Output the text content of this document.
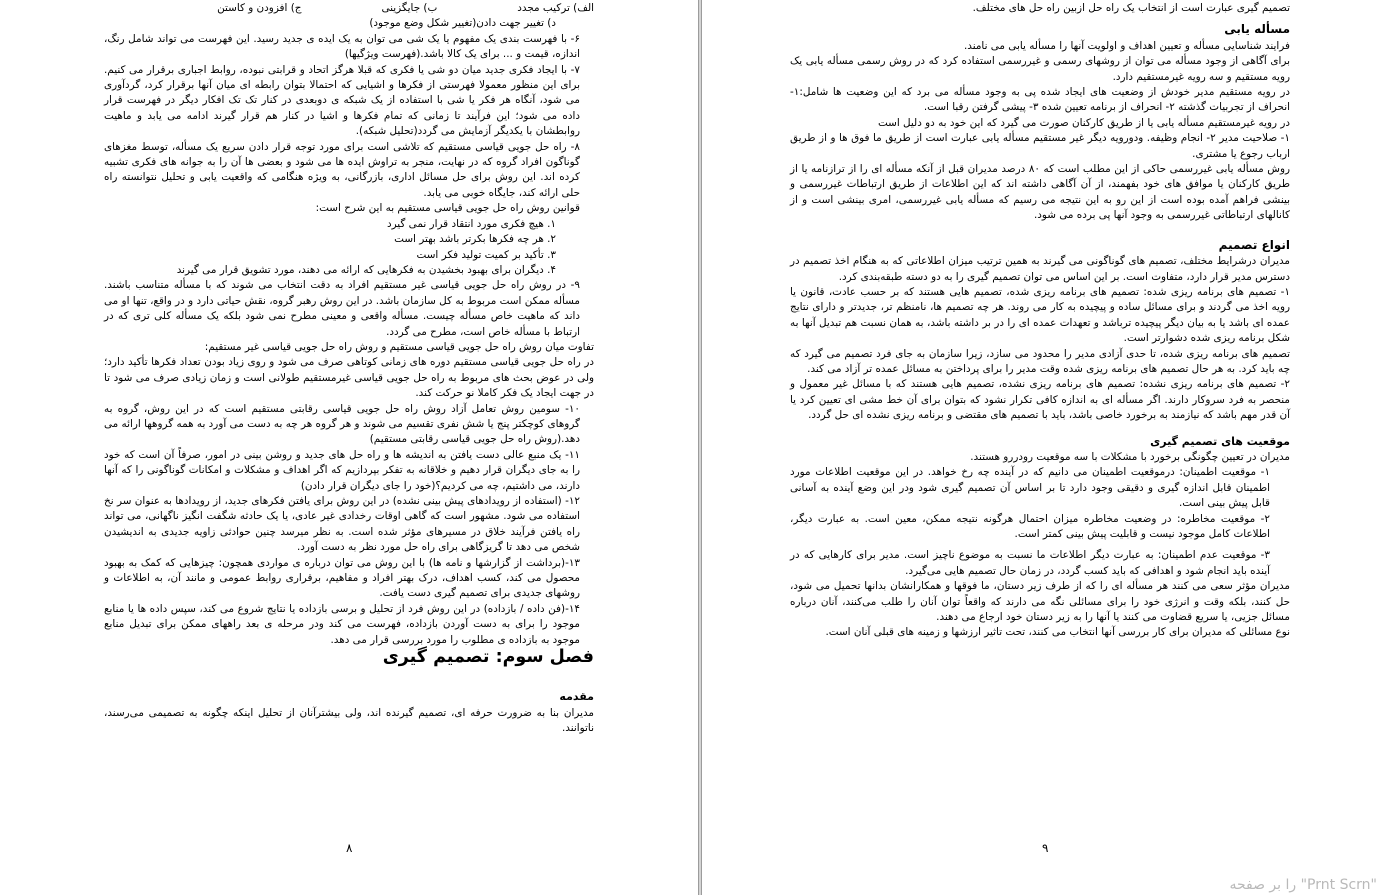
الف) ترکیب مجدد
ب) جایگزینی
ج) افزودن و کاستن

د) تغییر جهت دادن(تغییر شکل وضع موجود)

۶- با فهرست بندی یک مفهوم یا یک شی می توان به یک ایده ی جدید رسید. این فهرست می تواند شامل رنگ، اندازه، قیمت و ... برای یک کالا باشد.(فهرست ویژگیها)

۷- با ایجاد فکری جدید میان دو شی یا فکری که قبلا هرگز اتحاد و قرابتی نبوده، روابط اجباری برقرار می کنیم. برای این منظور معمولا فهرستی از فکرها و اشیایی که احتمالا بتوان رابطه ای میان آنها برقرار کرد، گردآوری می شود، آنگاه هر فکر یا شی با استفاده از یک شبکه ی دوبعدی در کنار تک تک افکار دیگر در فهرست قرار داده می شود؛ این فرآیند تا زمانی که تمام فکرها و اشیا در کنار هم قرار گیرند ادامه می یابد و ماهیت روابطشان با یکدیگر آزمایش می گردد(تحلیل شبکه).

۸- راه حل جویی قیاسی مستقیم که تلاشی است برای مورد توجه قرار دادن سریع یک مسأله، توسط مغزهای گوناگون افراد گروه که در نهایت، منجر به تراوش ایده ها می شود و بعضی ها آن را به جوانه های فکری تشبیه کرده اند. این روش برای حل مسائل اداری، بازرگانی، به ویژه هنگامی که واقعیت یابی و تحلیل نتوانسته راه حلی ارائه کند، جایگاه خوبی می یابد.

قوانین روش راه حل جویی قیاسی مستقیم به این شرح است:

۱. هیچ فکری مورد انتقاد قرار نمی گیرد

۲. هر چه فکرها بکرتر باشد بهتر است

۳. تأکید بر کمیت تولید فکر است

۴. دیگران برای بهبود بخشیدن به فکرهایی که ارائه می دهند، مورد تشویق قرار می گیرند

۹- در روش راه حل جویی قیاسی غیر مستقیم افراد به دقت انتخاب می شوند که با مسأله متناسب باشند. مسأله ممکن است مربوط به کل سازمان باشد. در این روش رهبر گروه، نقش حیاتی دارد و در واقع، تنها او می داند که ماهیت خاص مسأله چیست. مسأله واقعی و معینی مطرح نمی شود بلکه یک مسأله کلی تری که در ارتباط با مسأله خاص است، مطرح می گردد.

تفاوت میان روش راه حل جویی قیاسی مستقیم و روش راه حل جویی قیاسی غیر مستقیم:

در راه حل جویی قیاسی مستقیم دوره های زمانی کوتاهی صرف می شود و روی زیاد بودن تعداد فکرها تأکید دارد؛ ولی در عوض بحث های مربوط به راه حل جویی قیاسی غیرمستقیم طولانی است و زمان زیادی صرف می شود تا در جهت ایجاد یک فکر کاملا نو حرکت کند.

۱۰- سومین روش تعامل آزاد روش راه حل جویی قیاسی رقابتی مستقیم است که در این روش، گروه به گروهای کوچکتر پنج یا شش نفری تقسیم می شوند و هر گروه هر چه به دست می آورد به همه گروهها ارائه می دهد.(روش راه حل جویی قیاسی رقابتی مستقیم)

۱۱- یک منبع عالی دست یافتن به اندیشه ها و راه حل های جدید و روشن بینی در امور، صرفاً آن است که خود را به جای دیگران قرار دهیم و خلاقانه به تفکر بپردازیم که اگر اهداف و مشکلات و امکانات گوناگونی را که آنها دارند، می داشتیم، چه می کردیم؟(خود را جای دیگران قرار دادن)

۱۲- (استفاده از رویدادهای پیش بینی نشده) در این روش برای یافتن فکرهای جدید، از رویدادها به عنوان سر نخ استفاده می شود. مشهور است که گاهی اوقات رخدادی غیر عادی، یا یک حادثه شگفت انگیز ناگهانی، می تواند راه یافتن فرآیند خلاق در مسیرهای مؤثر شده است. به نظر میرسد چنین حوادثی زاویه جدیدی به اندیشیدن شخص می دهد تا گریزگاهی برای راه حل مورد نظر به دست آورد.

۱۳-(برداشت از گزارشها و نامه ها) با این روش می توان درباره ی مواردی همچون: چیزهایی که کمک به بهبود محصول می کند، کسب اهداف، درک بهتر افراد و مفاهیم، برقراری روابط عمومی و مانند آن، به اطلاعات و روشهای جدیدی برای تصمیم گیری دست یافت.

۱۴-(فن داده / بازداده) در این روش فرد از تحلیل و برسی بازداده یا نتایج شروع می کند، سپس داده ها یا منابع موجود را برای به دست آوردن بازداده، فهرست می کند ودر مرحله ی بعد راههای ممکن برای تبدیل منابع موجود به بازداده ی مطلوب را مورد بررسی قرار می دهد.

فصل سوم: تصمیم گیری
مقدمه

مدیران بنا به ضرورت حرفه ای، تصمیم گیرنده اند، ولی بیشترآنان از تحلیل اینکه چگونه به تصمیمی می‌رسند، ناتوانند.

۸

تصمیم گیری عبارت است از انتخاب یک راه حل ازبین راه حل های مختلف.

مسأله یابی

فرایند شناسایی مسأله و تعیین اهداف و اولویت آنها را مسأله یابی می نامند.

برای آگاهی از وجود مسأله می توان از روشهای رسمی و غیررسمی استفاده کرد که در روش رسمی مسأله یابی یک رویه مستقیم و سه رویه غیرمستقیم دارد.

در رویه مستقیم مدیر خودش از وضعیت های ایجاد شده پی به وجود مسأله می برد که این وضعیت ها شامل:۱- انحراف از تجربیات گذشته ۲- انحراف از برنامه تعیین شده ۳- پیشی گرفتن رقبا است.

در رویه غیرمستقیم مسأله یابی یا از طریق کارکنان صورت می گیرد که این خود به دو دلیل است

۱- صلاحیت مدیر ۲- انجام وظیفه. ودورویه دیگر غیر مستقیم مسأله یابی عبارت است از طریق ما فوق ها و از طریق ارباب رجوع یا مشتری.

روش مسأله یابی غیررسمی حاکی از این مطلب است که ۸۰ درصد مدیران قبل از آنکه مسأله ای را از ترازنامه یا از طریق کارکنان یا موافق های خود بفهمند، از آن آگاهی داشته اند که این اطلاعات از طریق ارتباطات غیررسمی و بینشی فراهم آمده بوده است از این رو به این نتیجه می رسیم که مسأله یابی غیررسمی، امری بینشی است و از کانالهای ارتباطاتی غیررسمی به وجود آنها پی برده می شود.

انواع تصمیم

مدیران درشرایط مختلف، تصمیم های گوناگونی می گیرند به همین ترتیب میزان اطلاعاتی که به هنگام اخذ تصمیم در دسترس مدیر قرار دارد، متفاوت است. بر این اساس می توان تصمیم گیری را به دو دسته طبقه‌بندی کرد.

۱- تصمیم های برنامه ریزی شده: تصمیم های برنامه ریزی شده، تصمیم هایی هستند که بر حسب عادت، قانون یا رویه اخذ می گردند و برای مسائل ساده و پیچیده به کار می روند. هر چه تصمیم ها، نامنظم تر، جدیدتر و دارای نتایج عمده ای باشد یا به بیان دیگر پیچیده ترباشد و تعهدات عمده ای را در بر داشته باشد، به همان نسبت هم تبدیل آنها به شکل برنامه ریزی شده دشوارتر است.

تصمیم های برنامه ریزی شده، تا حدی آزادی مدیر را محدود می سازد، زیرا سازمان به جای فرد تصمیم می گیرد که چه باید کرد. به هر حال تصمیم های برنامه ریزی شده وقت مدیر را برای پرداختن به مسائل عمده تر آزاد می کند.

۲- تصمیم های برنامه ریزی نشده: تصمیم های برنامه ریزی نشده، تصمیم هایی هستند که با مسائل غیر معمول و منحصر به فرد سروکار دارند. اگر مسأله ای به اندازه کافی تکرار نشود که بتوان برای آن خط مشی ای تعیین کرد یا آن قدر مهم باشد که نیازمند به برخورد خاصی باشد، باید با تصمیم های مقتضی و برنامه ریزی نشده ای حل گردد.

موقعیت های تصمیم گیری

مدیران در تعیین چگونگی برخورد با مشکلات با سه موقعیت رودررو هستند.

۱- موقعیت اطمینان: درموقعیت اطمینان می دانیم که در آینده چه رخ خواهد. در این موقعیت اطلاعات مورد اطمینان قابل اندازه گیری و دقیقی وجود دارد تا بر اساس آن تصمیم گیری شود ودر این وضع آینده به آسانی قابل پیش بینی است.

۲- موقعیت مخاطره: در وضعیت مخاطره میزان احتمال هرگونه نتیجه ممکن، معین است. به عبارت دیگر، اطلاعات کامل موجود نیست و قابلیت پیش بینی کمتر است.

۳- موقعیت عدم اطمینان: به عبارت دیگر اطلاعات ما نسبت به موضوع ناچیز است. مدیر برای کارهایی که در آینده باید انجام شود و اهدافی که باید کسب گردد، در زمان حال تصمیم هایی می‌گیرد.

مدیران مؤثر سعی می کنند هر مسأله ای را که از طرف زیر دستان، ما فوقها و همکارانشان بدانها تحمیل می شود، حل کنند، بلکه وقت و انرژی خود را برای مسائلی نگه می دارند که واقعاً توان آنان را طلب می‌کنند، آنان درباره مسائل جزیی، یا سریع قضاوت می کنند یا آنها را به زیر دستان خود ارجاع می دهند.

نوع مسائلی که مدیران برای کار بررسی آنها انتخاب می کنند، تحت تاثیر ارزشها و زمینه های قبلی آنان است.

۹
"Prnt Scrn" را بر صفحه
